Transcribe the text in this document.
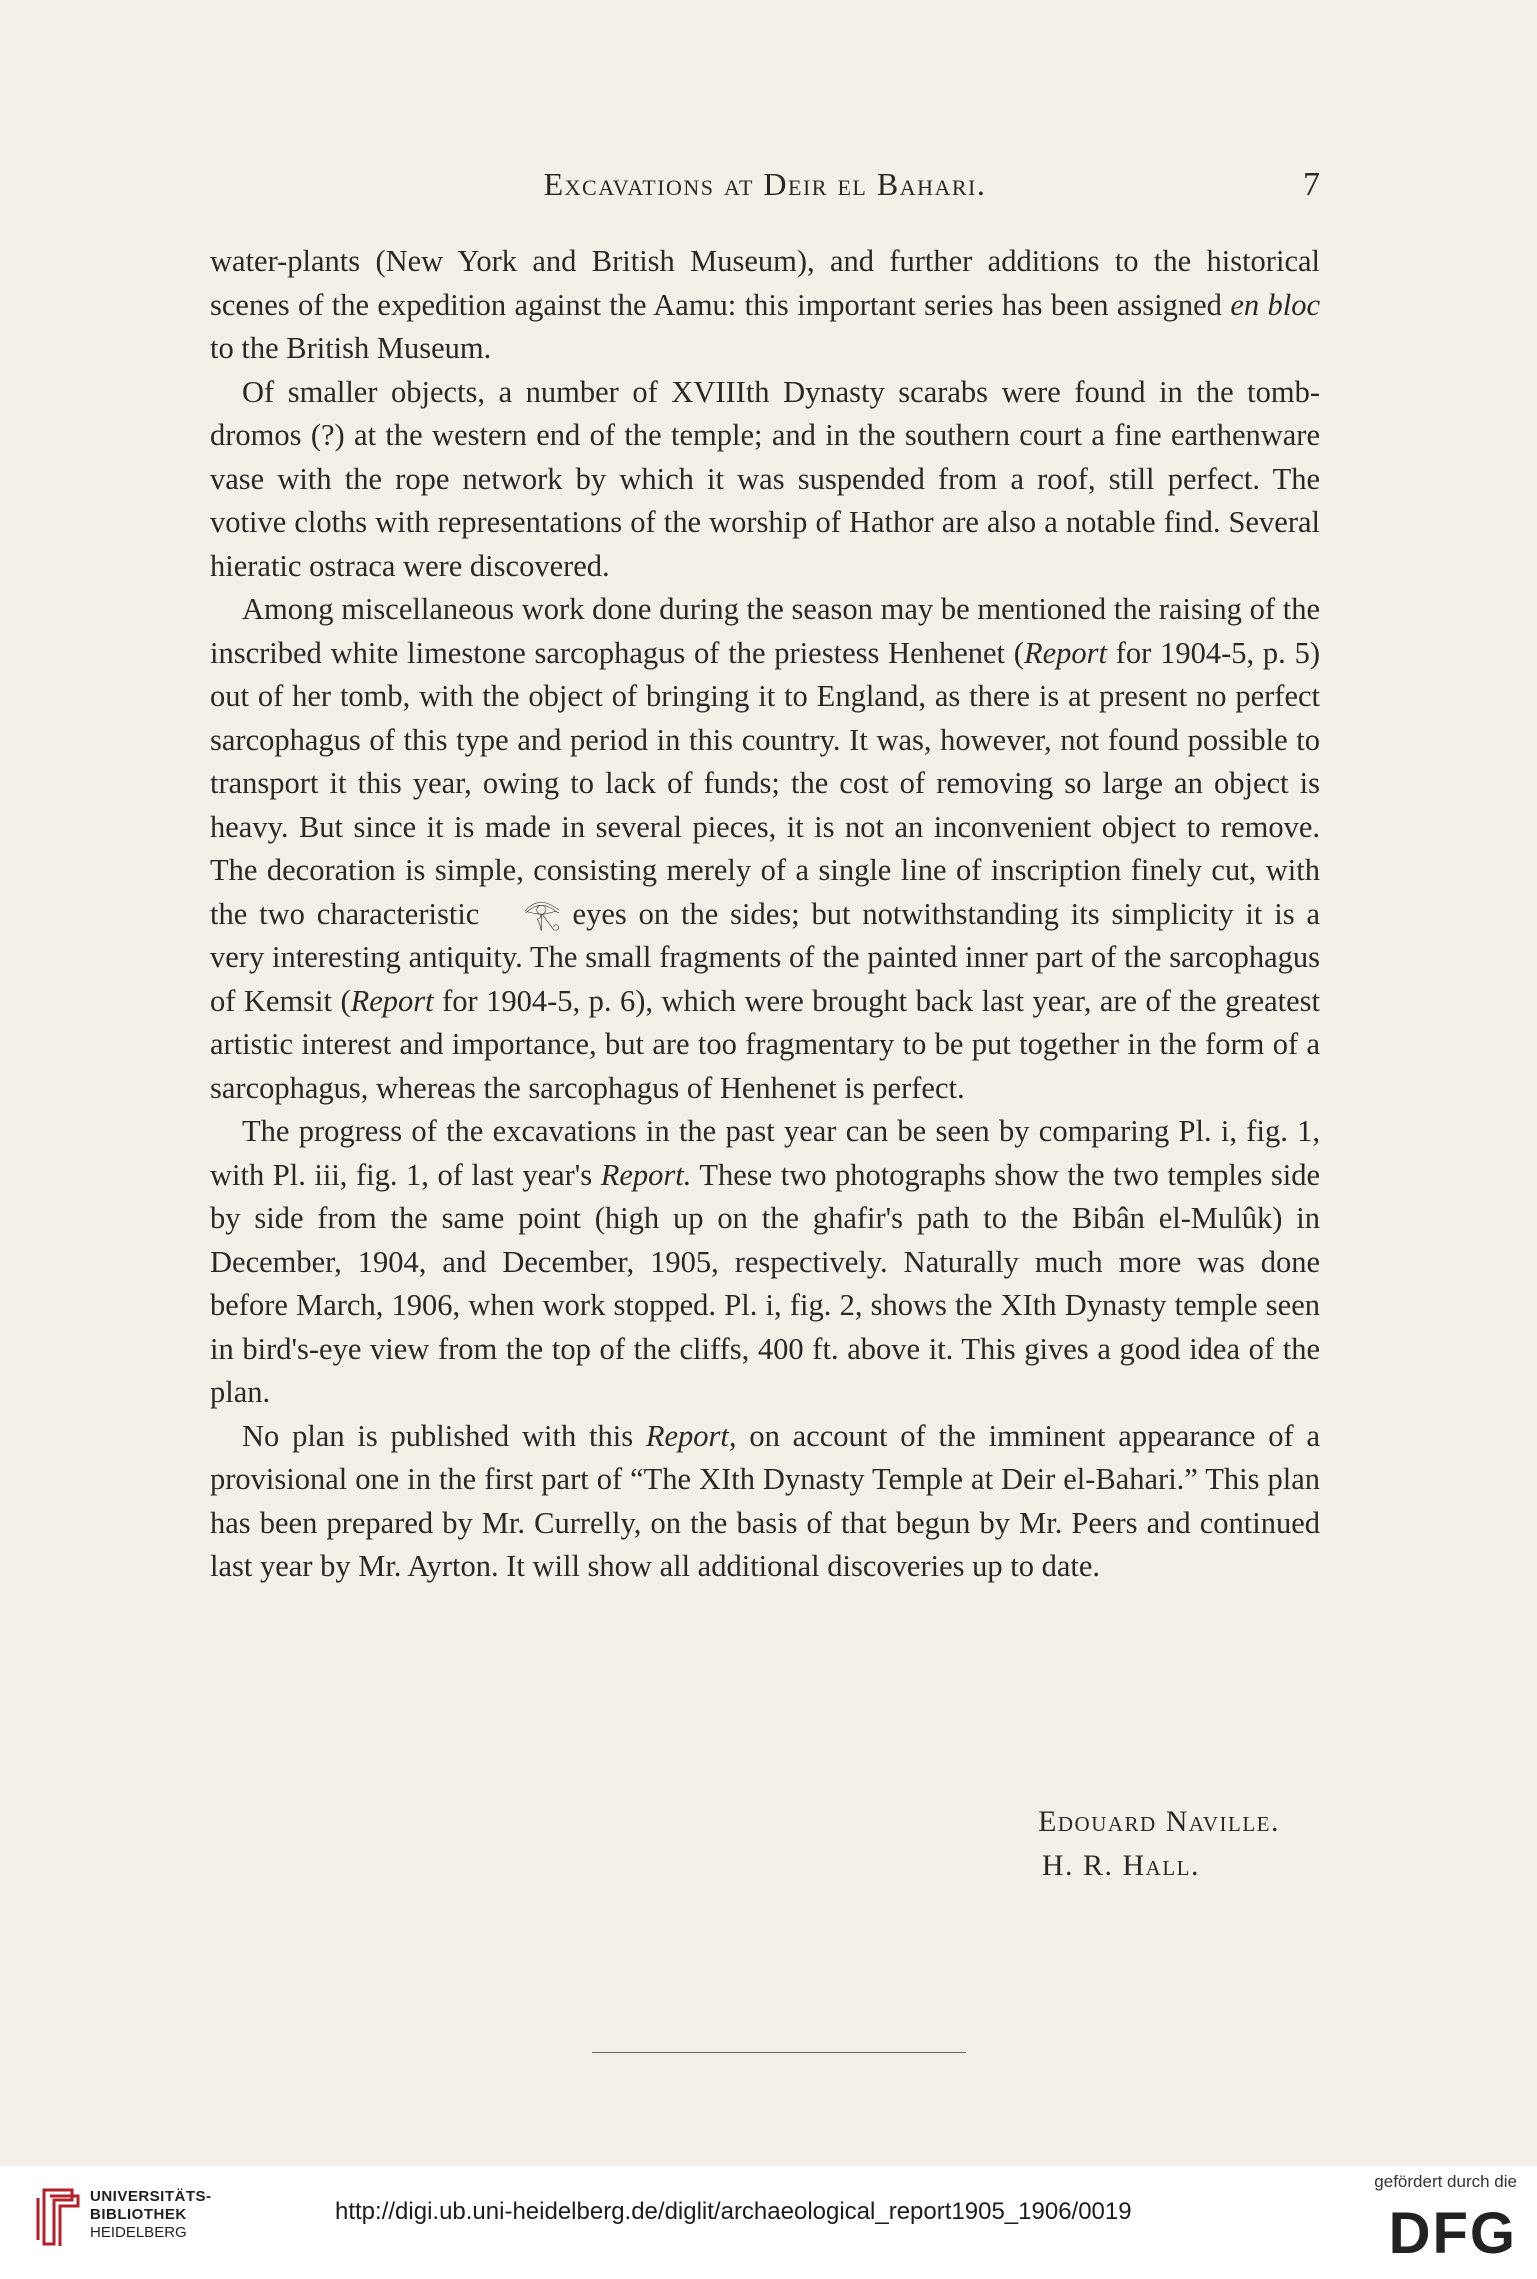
Excavations at Deir el Bahari.	7

water-plants (New York and British Museum), and further additions to the historical scenes of the expedition against the Aamu: this important series has been assigned en bloc to the British Museum.

Of smaller objects, a number of XVIIIth Dynasty scarabs were found in the tomb-dromos (?) at the western end of the temple; and in the southern court a fine earthenware vase with the rope network by which it was suspended from a roof, still perfect. The votive cloths with representations of the worship of Hathor are also a notable find. Several hieratic ostraca were discovered.

Among miscellaneous work done during the season may be mentioned the raising of the inscribed white limestone sarcophagus of the priestess Henhenet (Report for 1904-5, p. 5) out of her tomb, with the object of bringing it to England, as there is at present no perfect sarcophagus of this type and period in this country. It was, however, not found possible to transport it this year, owing to lack of funds; the cost of removing so large an object is heavy. But since it is made in several pieces, it is not an inconvenient object to remove. The decoration is simple, consisting merely of a single line of inscription finely cut, with the two characteristic 𓂀 eyes on the sides; but notwithstanding its simplicity it is a very interesting antiquity. The small fragments of the painted inner part of the sarcophagus of Kemsit (Report for 1904-5, p. 6), which were brought back last year, are of the greatest artistic interest and importance, but are too fragmentary to be put together in the form of a sarcophagus, whereas the sarcophagus of Henhenet is perfect.

The progress of the excavations in the past year can be seen by comparing Pl. i, fig. 1, with Pl. iii, fig. 1, of last year's Report. These two photographs show the two temples side by side from the same point (high up on the ghafir's path to the Bibân el-Mulûk) in December, 1904, and December, 1905, respectively. Naturally much more was done before March, 1906, when work stopped. Pl. i, fig. 2, shows the XIth Dynasty temple seen in bird's-eye view from the top of the cliffs, 400 ft. above it. This gives a good idea of the plan.

No plan is published with this Report, on account of the imminent appearance of a provisional one in the first part of “The XIth Dynasty Temple at Deir el-Bahari.” This plan has been prepared by Mr. Currelly, on the basis of that begun by Mr. Peers and continued last year by Mr. Ayrton. It will show all additional discoveries up to date.

Edouard Naville.
H. R. Hall.
UNIVERSITÄTS-
BIBLIOTHEK
HEIDELBERG
http://digi.ub.uni-heidelberg.de/diglit/archaeological_report1905_1906/0019
gefördert durch die
DFG
